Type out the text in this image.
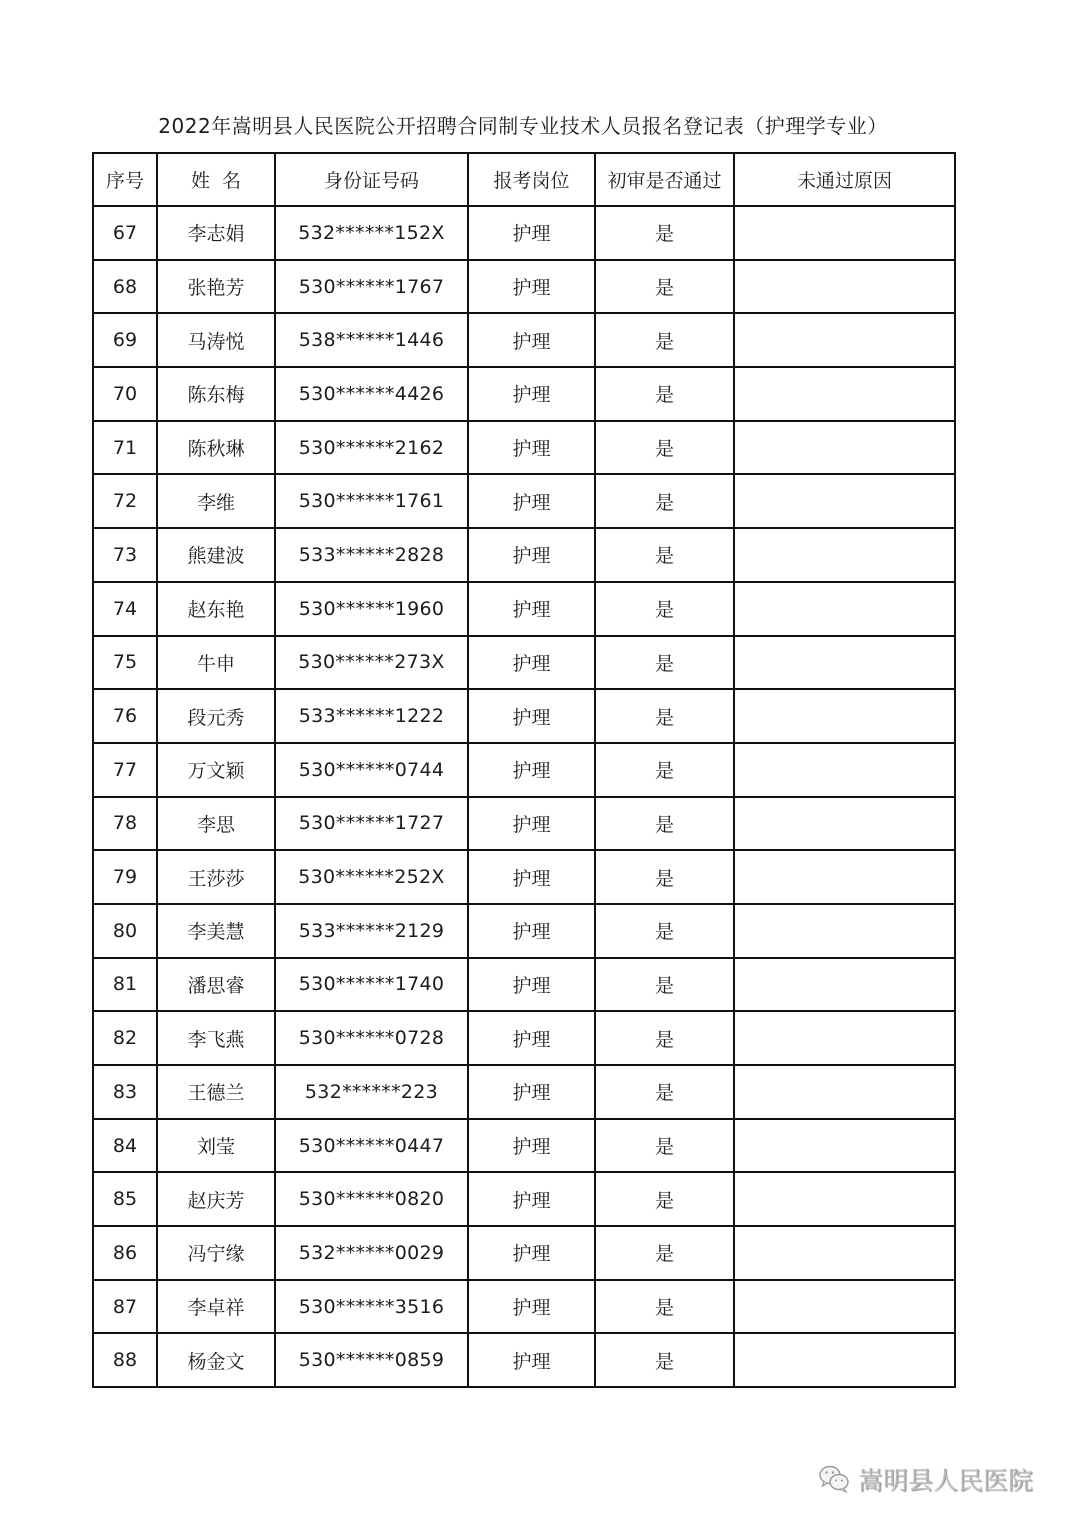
2022年嵩明县人民医院公开招聘合同制专业技术人员报名登记表（护理学专业）
序号	姓  名	身份证号码	报考岗位	初审是否通过	未通过原因
67	李志娟	532******152X	护理	是	
68	张艳芳	530******1767	护理	是	
69	马涛悦	538******1446	护理	是	
70	陈东梅	530******4426	护理	是	
71	陈秋琳	530******2162	护理	是	
72	李维	530******1761	护理	是	
73	熊建波	533******2828	护理	是	
74	赵东艳	530******1960	护理	是	
75	牛申	530******273X	护理	是	
76	段元秀	533******1222	护理	是	
77	万文颖	530******0744	护理	是	
78	李思	530******1727	护理	是	
79	王莎莎	530******252X	护理	是	
80	李美慧	533******2129	护理	是	
81	潘思睿	530******1740	护理	是	
82	李飞燕	530******0728	护理	是	
83	王德兰	532******223	护理	是	
84	刘莹	530******0447	护理	是	
85	赵庆芳	530******0820	护理	是	
86	冯宁缘	532******0029	护理	是	
87	李卓祥	530******3516	护理	是	
88	杨金文	530******0859	护理	是	
嵩明县人民医院
